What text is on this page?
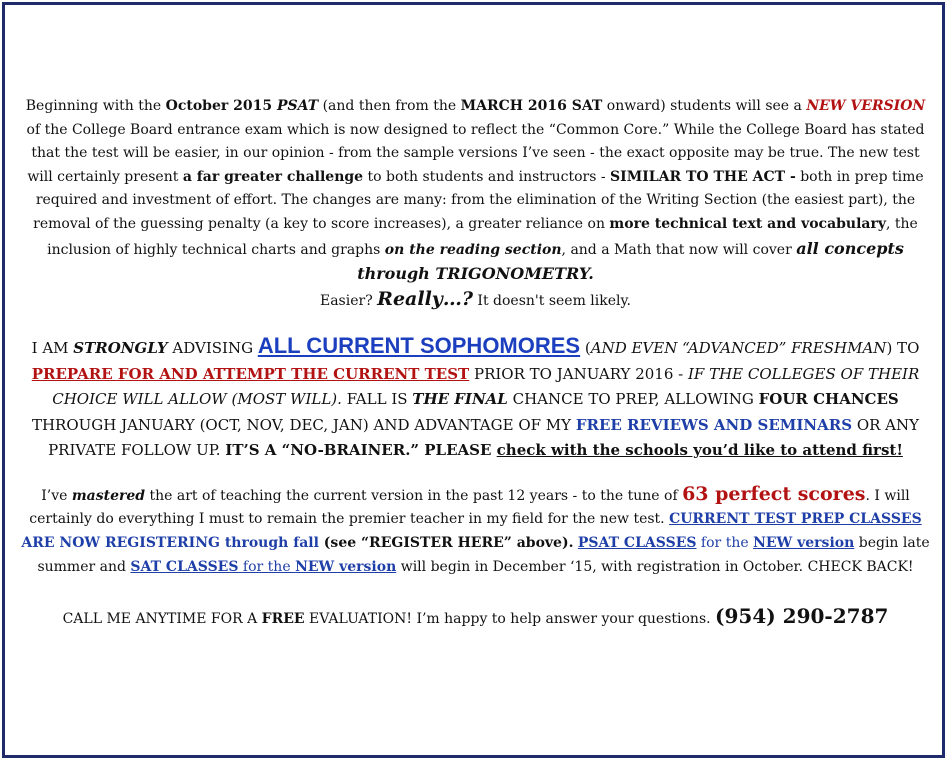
Beginning with the October 2015 PSAT (and then from the MARCH 2016 SAT onward) students will see a NEW VERSION of the College Board entrance exam which is now designed to reflect the “Common Core.” While the College Board has stated that the test will be easier, in our opinion - from the sample versions I’ve seen - the exact opposite may be true. The new test will certainly present a far greater challenge to both students and instructors - SIMILAR TO THE ACT - both in prep time required and investment of effort. The changes are many: from the elimination of the Writing Section (the easiest part), the removal of the guessing penalty (a key to score increases), a greater reliance on more technical text and vocabulary, the inclusion of highly technical charts and graphs on the reading section, and a Math that now will cover all concepts through TRIGONOMETRY.
Easier? Really…? It doesn't seem likely.

I AM STRONGLY ADVISING ALL CURRENT SOPHOMORES (AND EVEN “ADVANCED” FRESHMAN) TO PREPARE FOR AND ATTEMPT THE CURRENT TEST PRIOR TO JANUARY 2016 - IF THE COLLEGES OF THEIR CHOICE WILL ALLOW (MOST WILL). FALL IS THE FINAL CHANCE TO PREP, ALLOWING FOUR CHANCES THROUGH JANUARY (OCT, NOV, DEC, JAN) AND ADVANTAGE OF MY FREE REVIEWS AND SEMINARS OR ANY PRIVATE FOLLOW UP. IT’S A “NO-BRAINER.” PLEASE check with the schools you’d like to attend first!

I’ve mastered the art of teaching the current version in the past 12 years - to the tune of 63 perfect scores. I will certainly do everything I must to remain the premier teacher in my field for the new test. CURRENT TEST PREP CLASSES ARE NOW REGISTERING through fall (see “REGISTER HERE” above). PSAT CLASSES for the NEW version begin late summer and SAT CLASSES for the NEW version will begin in December ‘15, with registration in October. CHECK BACK!

CALL ME ANYTIME FOR A FREE EVALUATION! I’m happy to help answer your questions. (954) 290-2787
